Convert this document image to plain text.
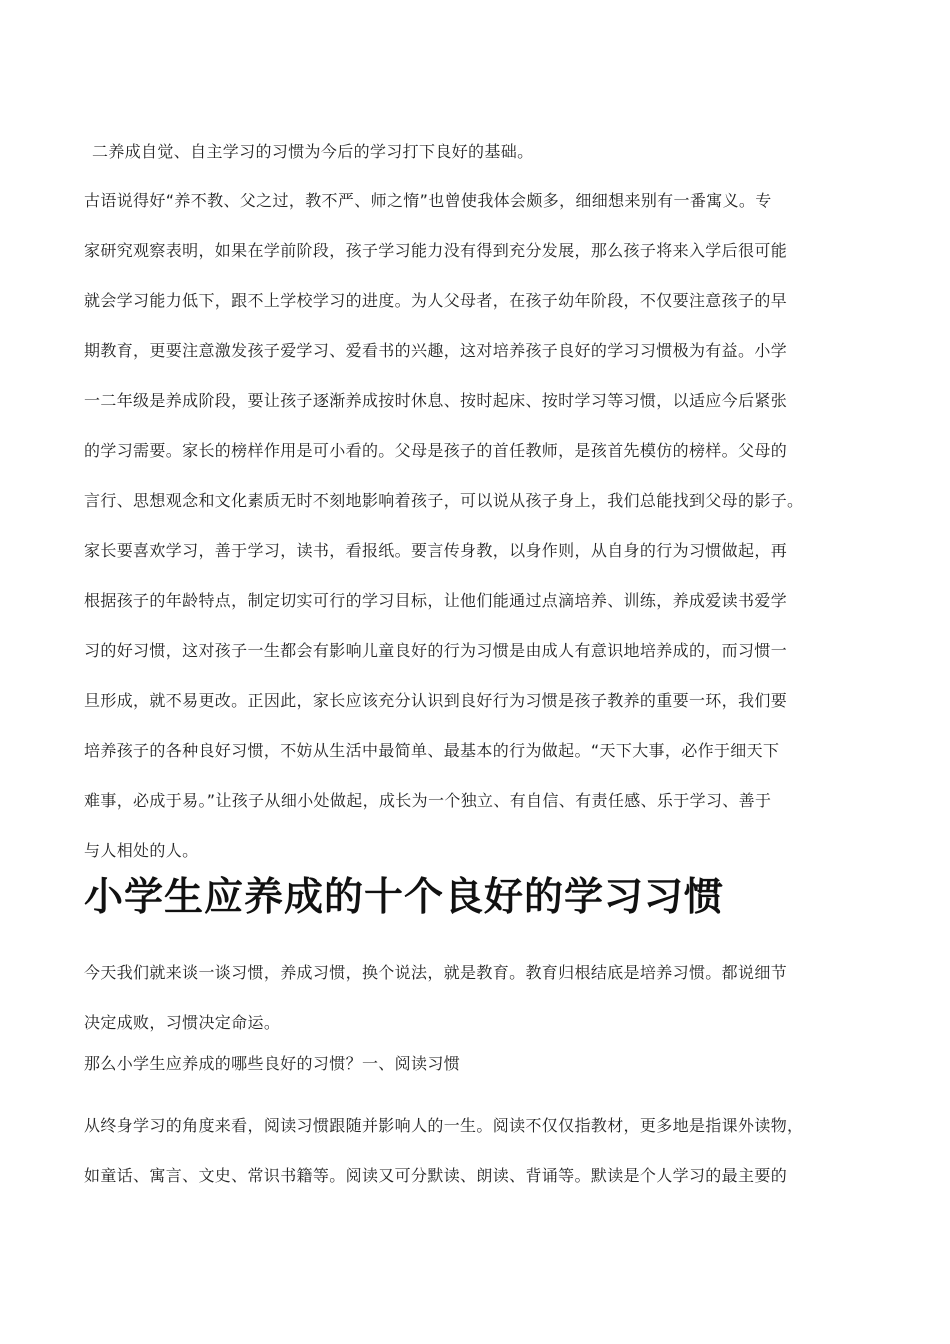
二养成自觉、自主学习的习惯为今后的学习打下良好的基础。
古语说得好“养不教、父之过，教不严、师之惰”也曾使我体会颇多，细细想来别有一番寓义。专
家研究观察表明，如果在学前阶段，孩子学习能力没有得到充分发展，那么孩子将来入学后很可能
就会学习能力低下，跟不上学校学习的进度。为人父母者，在孩子幼年阶段，不仅要注意孩子的早
期教育，更要注意激发孩子爱学习、爱看书的兴趣，这对培养孩子良好的学习习惯极为有益。小学
一二年级是养成阶段，要让孩子逐渐养成按时休息、按时起床、按时学习等习惯，以适应今后紧张
的学习需要。家长的榜样作用是可小看的。父母是孩子的首任教师，是孩首先模仿的榜样。父母的
言行、思想观念和文化素质无时不刻地影响着孩子，可以说从孩子身上，我们总能找到父母的影子。
家长要喜欢学习，善于学习，读书，看报纸。要言传身教，以身作则，从自身的行为习惯做起，再
根据孩子的年龄特点，制定切实可行的学习目标，让他们能通过点滴培养、训练，养成爱读书爱学
习的好习惯，这对孩子一生都会有影响儿童良好的行为习惯是由成人有意识地培养成的，而习惯一
旦形成，就不易更改。正因此，家长应该充分认识到良好行为习惯是孩子教养的重要一环，我们要
培养孩子的各种良好习惯，不妨从生活中最简单、最基本的行为做起。“天下大事，必作于细天下
难事，必成于易。”让孩子从细小处做起，成长为一个独立、有自信、有责任感、乐于学习、善于
与人相处的人。
小学生应养成的十个良好的学习习惯
今天我们就来谈一谈习惯，养成习惯，换个说法，就是教育。教育归根结底是培养习惯。都说细节
决定成败，习惯决定命运。
那么小学生应养成的哪些良好的习惯？一、阅读习惯
从终身学习的角度来看，阅读习惯跟随并影响人的一生。阅读不仅仅指教材，更多地是指课外读物，
如童话、寓言、文史、常识书籍等。阅读又可分默读、朗读、背诵等。默读是个人学习的最主要的
